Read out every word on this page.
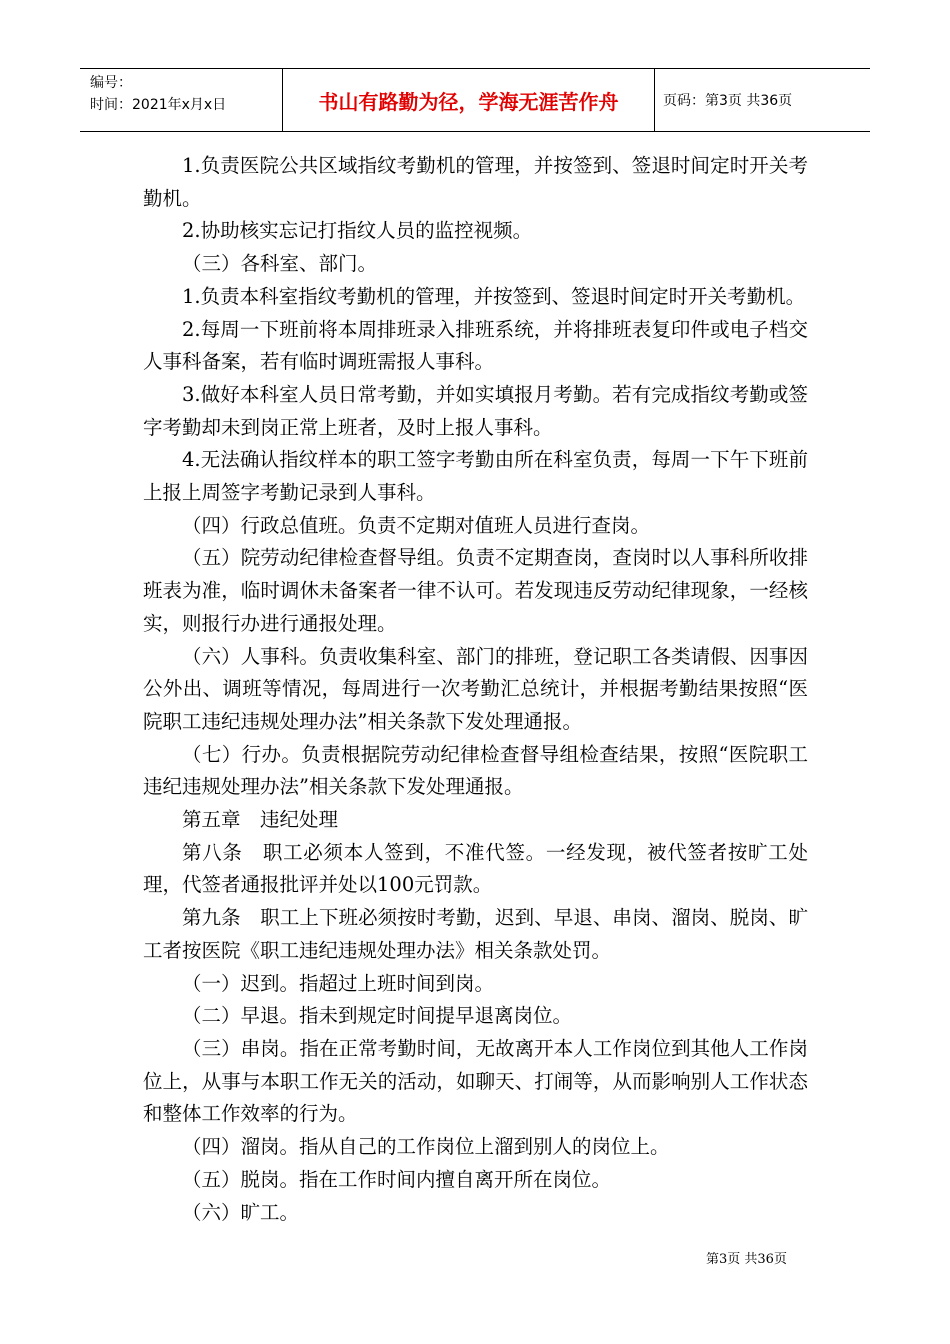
编号：
时间：2021年x月x日	书山有路勤为径，学海无涯苦作舟	页码：第3页 共36页

1.负责医院公共区域指纹考勤机的管理，并按签到、签退时间定时开关考勤机。

2.协助核实忘记打指纹人员的监控视频。

（三）各科室、部门。

1.负责本科室指纹考勤机的管理，并按签到、签退时间定时开关考勤机。

2.每周一下班前将本周排班录入排班系统，并将排班表复印件或电子档交人事科备案，若有临时调班需报人事科。

3.做好本科室人员日常考勤，并如实填报月考勤。若有完成指纹考勤或签字考勤却未到岗正常上班者，及时上报人事科。

4.无法确认指纹样本的职工签字考勤由所在科室负责，每周一下午下班前上报上周签字考勤记录到人事科。

（四）行政总值班。负责不定期对值班人员进行查岗。

（五）院劳动纪律检查督导组。负责不定期查岗，查岗时以人事科所收排班表为准，临时调休未备案者一律不认可。若发现违反劳动纪律现象，一经核实，则报行办进行通报处理。

（六）人事科。负责收集科室、部门的排班，登记职工各类请假、因事因公外出、调班等情况，每周进行一次考勤汇总统计，并根据考勤结果按照“医院职工违纪违规处理办法”相关条款下发处理通报。

（七）行办。负责根据院劳动纪律检查督导组检查结果，按照“医院职工违纪违规处理办法”相关条款下发处理通报。

第五章　违纪处理

第八条　职工必须本人签到，不准代签。一经发现，被代签者按旷工处理，代签者通报批评并处以100元罚款。

第九条　职工上下班必须按时考勤，迟到、早退、串岗、溜岗、脱岗、旷工者按医院《职工违纪违规处理办法》相关条款处罚。

（一）迟到。指超过上班时间到岗。

（二）早退。指未到规定时间提早退离岗位。

（三）串岗。指在正常考勤时间，无故离开本人工作岗位到其他人工作岗位上，从事与本职工作无关的活动，如聊天、打闹等，从而影响别人工作状态和整体工作效率的行为。

（四）溜岗。指从自己的工作岗位上溜到别人的岗位上。

（五）脱岗。指在工作时间内擅自离开所在岗位。

（六）旷工。

第3页 共36页
